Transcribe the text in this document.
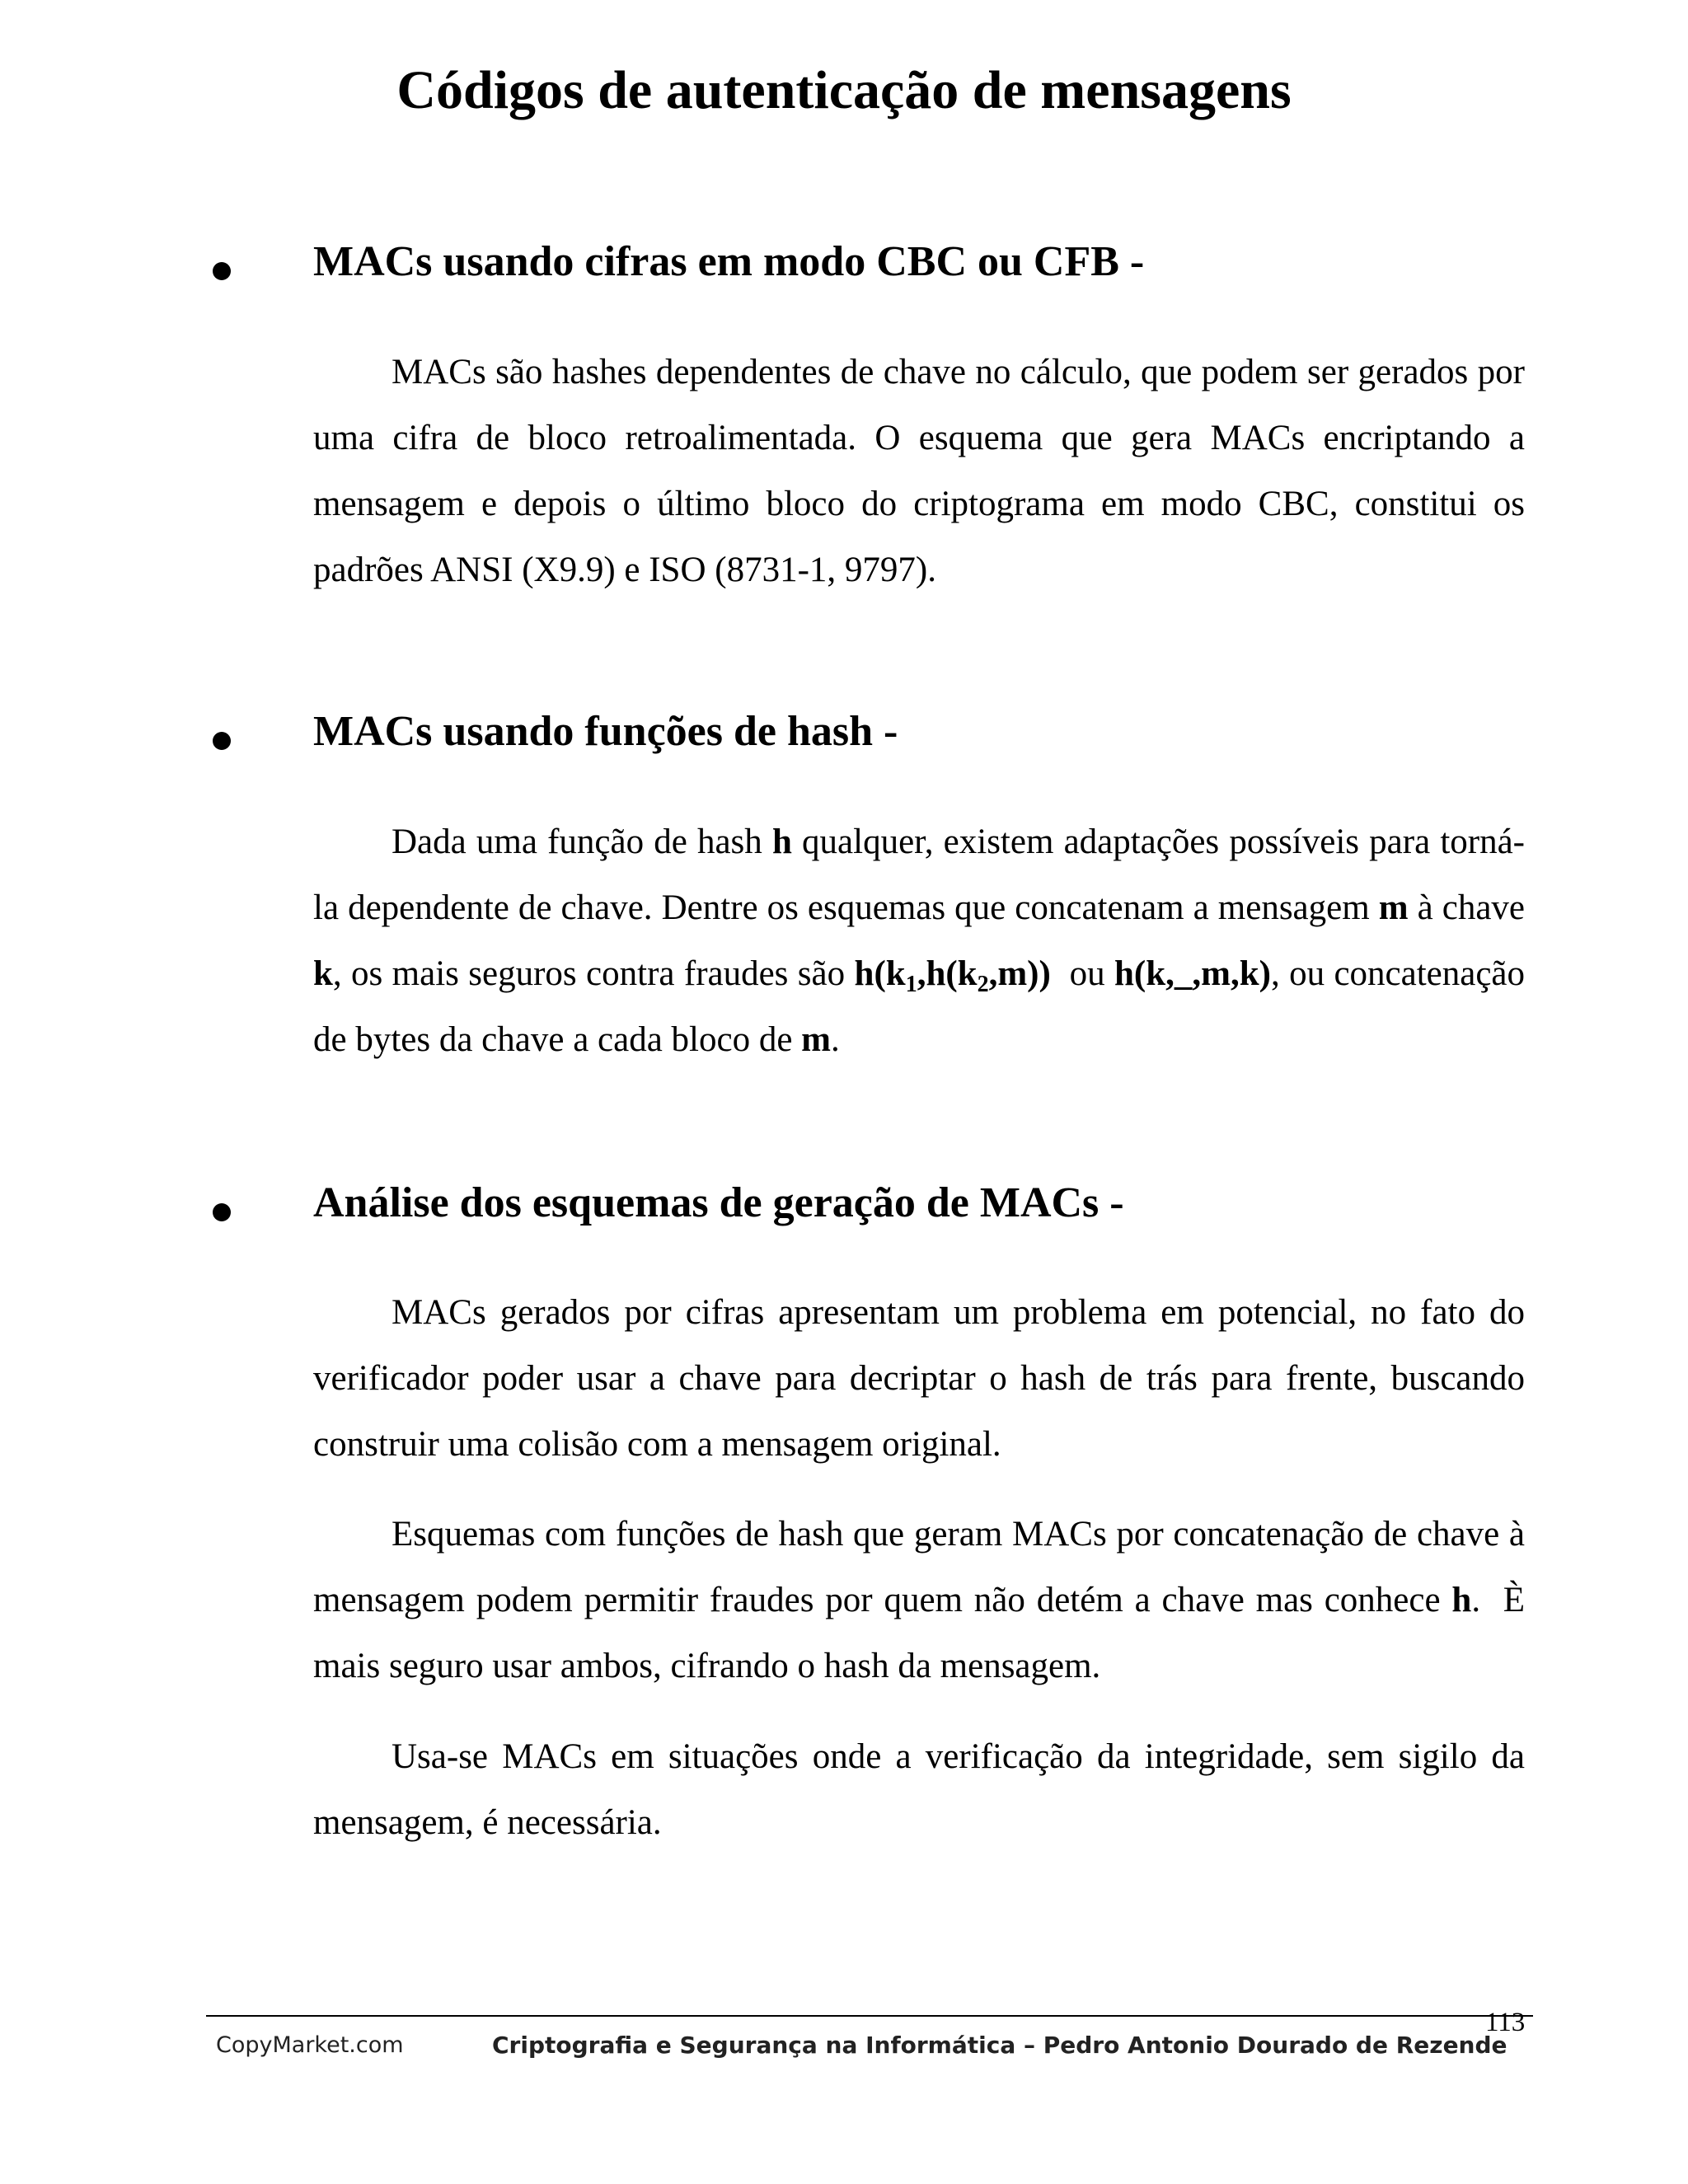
Códigos de autenticação de mensagens
MACs usando cifras em modo CBC ou CFB -

MACs são hashes dependentes de chave no cálculo, que podem ser gerados por uma cifra de bloco retroalimentada. O esquema que gera MACs encriptando a mensagem e depois o último bloco do criptograma em modo CBC, constitui os padrões ANSI (X9.9) e ISO (8731-1, 9797).

MACs usando funções de hash -

Dada uma função de hash h qualquer, existem adaptações possíveis para torná-la dependente de chave. Dentre os esquemas que concatenam a mensagem m à chave k, os mais seguros contra fraudes são $h(k_1,h(k_2,m))$  ou h(k,_,m,k), ou concatenação de bytes da chave a cada bloco de m.

Análise dos esquemas de geração de MACs -

MACs gerados por cifras apresentam um problema em potencial, no fato do verificador poder usar a chave para decriptar o hash de trás para frente, buscando construir uma colisão com a mensagem original.

Esquemas com funções de hash que geram MACs por concatenação de chave à mensagem podem permitir fraudes por quem não detém a chave mas conhece h.  È mais seguro usar ambos, cifrando o hash da mensagem.

Usa-se MACs em situações onde a verificação da integridade, sem sigilo da mensagem, é necessária.

113
CopyMarket.com	Criptografia e Segurança na Informática – Pedro Antonio Dourado de Rezende
